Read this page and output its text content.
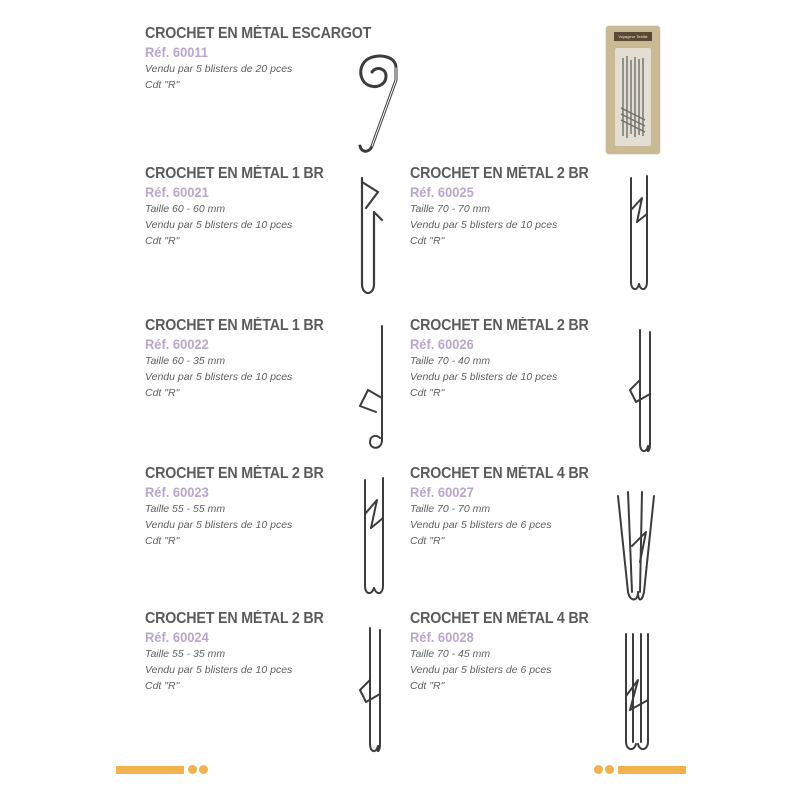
CROCHET EN MÉTAL ESCARGOT
Réf. 60011
Vendu par 5 blisters de 20 pces
Cdt "R"
Voyageur Textile
CROCHET EN MÉTAL 1 BR
Réf. 60021
Taille 60 - 60 mm
Vendu par 5 blisters de 10 pces
Cdt "R"
CROCHET EN MÉTAL 2 BR
Réf. 60025
Taille 70 - 70 mm
Vendu par 5 blisters de 10 pces
Cdt "R"
CROCHET EN MÉTAL 1 BR
Réf. 60022
Taille 60 - 35 mm
Vendu par 5 blisters de 10 pces
Cdt "R"
CROCHET EN MÉTAL 2 BR
Réf. 60026
Taille 70 - 40 mm
Vendu par 5 blisters de 10 pces
Cdt "R"
CROCHET EN MÉTAL 2 BR
Réf. 60023
Taille 55 - 55 mm
Vendu par 5 blisters de 10 pces
Cdt "R"
CROCHET EN MÉTAL 4 BR
Réf. 60027
Taille 70 - 70 mm
Vendu par 5 blisters de 6 pces
Cdt "R"
CROCHET EN MÉTAL 2 BR
Réf. 60024
Taille 55 - 35 mm
Vendu par 5 blisters de 10 pces
Cdt "R"
CROCHET EN MÉTAL 4 BR
Réf. 60028
Taille 70 - 45 mm
Vendu par 5 blisters de 6 pces
Cdt "R"
